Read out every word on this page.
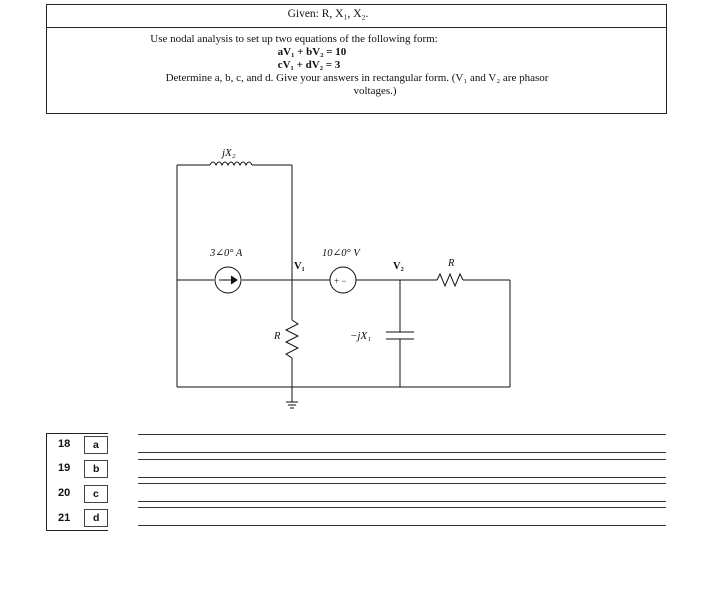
Given: R, X₁, X₂.
Use nodal analysis to set up two equations of the following form:
aV₁ + bV₂ = 10
cV₁ + dV₂ = 3
Determine a, b, c, and d. Give your answers in rectangular form. (V₁ and V₂ are phasor
voltages.)
jX₂
3∠0° A	10∠0° V
V₁	V₂	R
R	−jX₁
+ −
18 a
19 b
20 c
21 d
